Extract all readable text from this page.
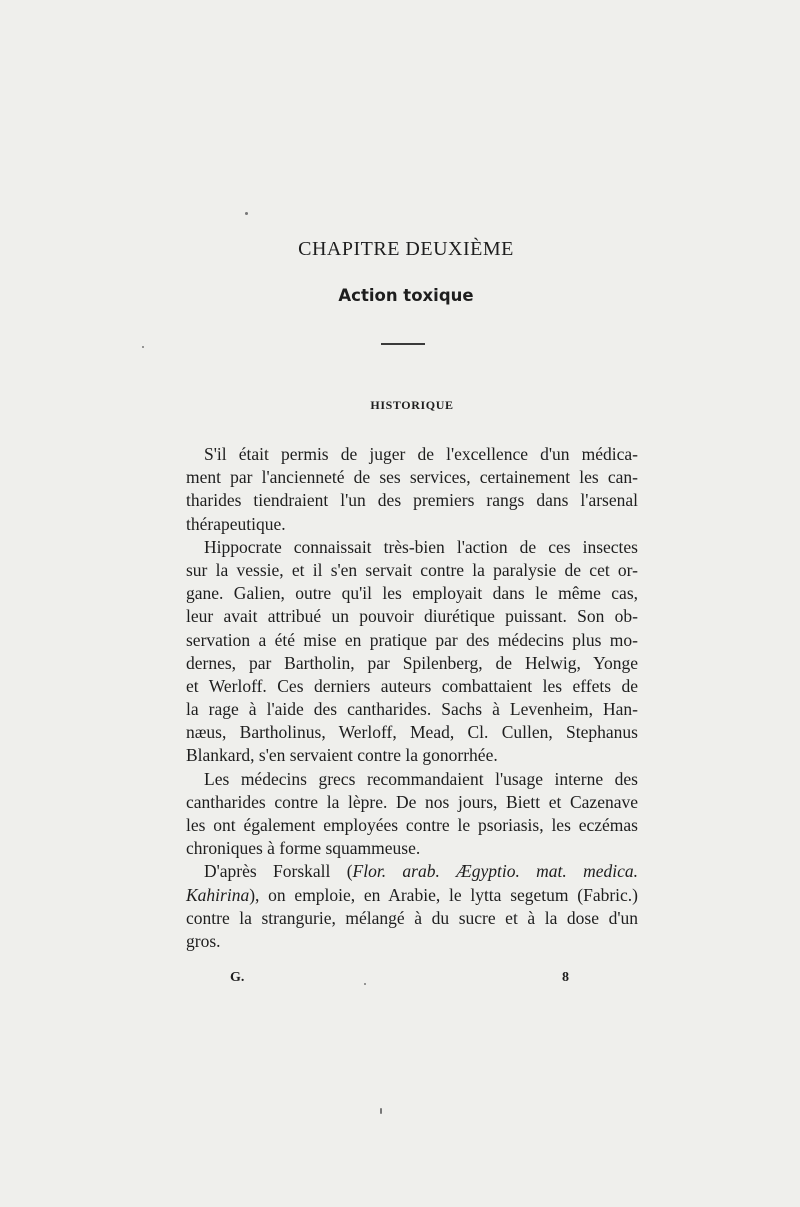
CHAPITRE DEUXIÈME
Action toxique
HISTORIQUE
S'il était permis de juger de l'excellence d'un médica-
ment par l'ancienneté de ses services, certainement les can-
tharides tiendraient l'un des premiers rangs dans l'arsenal
thérapeutique.
Hippocrate connaissait très-bien l'action de ces insectes
sur la vessie, et il s'en servait contre la paralysie de cet or-
gane. Galien, outre qu'il les employait dans le même cas,
leur avait attribué un pouvoir diurétique puissant. Son ob-
servation a été mise en pratique par des médecins plus mo-
dernes, par Bartholin, par Spilenberg, de Helwig, Yonge
et Werloff. Ces derniers auteurs combattaient les effets de
la rage à l'aide des cantharides. Sachs à Levenheim, Han-
næus, Bartholinus, Werloff, Mead, Cl. Cullen, Stephanus
Blankard, s'en servaient contre la gonorrhée.
Les médecins grecs recommandaient l'usage interne des
cantharides contre la lèpre. De nos jours, Biett et Cazenave
les ont également employées contre le psoriasis, les eczémas
chroniques à forme squammeuse.
D'après Forskall (Flor. arab. Ægyptio. mat. medica.
Kahirina), on emploie, en Arabie, le lytta segetum (Fabric.)
contre la strangurie, mélangé à du sucre et à la dose d'un
gros.
G.	8
